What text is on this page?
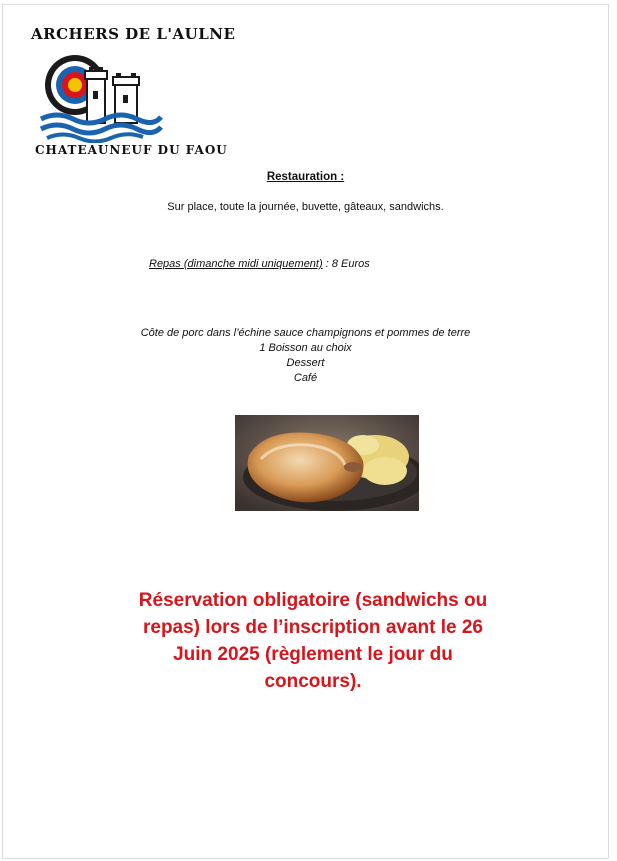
ARCHERS DE L'AULNE
CHATEAUNEUF DU FAOU
Restauration :
Sur place, toute la journée, buvette, gâteaux, sandwichs.
Repas (dimanche midi uniquement) : 8 Euros
Côte de porc dans l’échine sauce champignons et pommes de terre
1 Boisson au choix
Dessert
Café
Réservation obligatoire (sandwichs ou repas) lors de l’inscription avant le 26 Juin 2025 (règlement le jour du concours).
